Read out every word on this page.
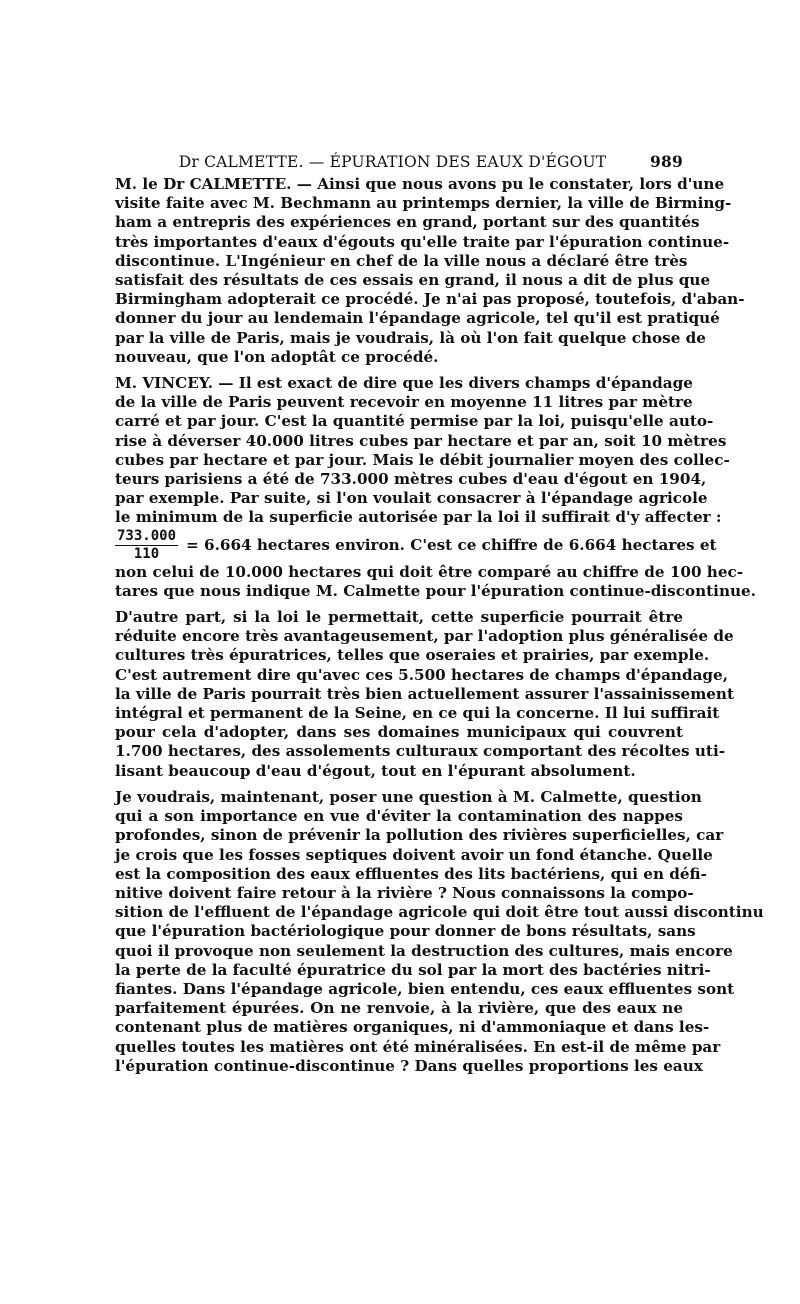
Dr CALMETTE. — ÉPURATION DES EAUX D'ÉGOUT	989
M. le Dr CALMETTE. — Ainsi que nous avons pu le constater, lors d'une
visite faite avec M. Bechmann au printemps dernier, la ville de Birming-
ham a entrepris des expériences en grand, portant sur des quantités
très importantes d'eaux d'égouts qu'elle traite par l'épuration continue-
discontinue. L'Ingénieur en chef de la ville nous a déclaré être très
satisfait des résultats de ces essais en grand, il nous a dit de plus que
Birmingham adopterait ce procédé. Je n'ai pas proposé, toutefois, d'aban-
donner du jour au lendemain l'épandage agricole, tel qu'il est pratiqué
par la ville de Paris, mais je voudrais, là où l'on fait quelque chose de
nouveau, que l'on adoptât ce procédé.
M. VINCEY. — Il est exact de dire que les divers champs d'épandage
de la ville de Paris peuvent recevoir en moyenne 11 litres par mètre
carré et par jour. C'est la quantité permise par la loi, puisqu'elle auto-
rise à déverser 40.000 litres cubes par hectare et par an, soit 10 mètres
cubes par hectare et par jour. Mais le débit journalier moyen des collec-
teurs parisiens a été de 733.000 mètres cubes d'eau d'égout en 1904,
par exemple. Par suite, si l'on voulait consacrer à l'épandage agricole
le minimum de la superficie autorisée par la loi il suffirait d'y affecter :
$\frac{733.000}{110} = 6.664$ hectares environ. C'est ce chiffre de 6.664 hectares et
non celui de 10.000 hectares qui doit être comparé au chiffre de 100 hec-
tares que nous indique M. Calmette pour l'épuration continue-discontinue.
D'autre part, si la loi le permettait, cette superficie pourrait être
réduite encore très avantageusement, par l'adoption plus généralisée de
cultures très épuratrices, telles que oseraies et prairies, par exemple.
C'est autrement dire qu'avec ces 5.500 hectares de champs d'épandage,
la ville de Paris pourrait très bien actuellement assurer l'assainissement
intégral et permanent de la Seine, en ce qui la concerne. Il lui suffirait
pour cela d'adopter, dans ses domaines municipaux qui couvrent
1.700 hectares, des assolements culturaux comportant des récoltes uti-
lisant beaucoup d'eau d'égout, tout en l'épurant absolument.
Je voudrais, maintenant, poser une question à M. Calmette, question
qui a son importance en vue d'éviter la contamination des nappes
profondes, sinon de prévenir la pollution des rivières superficielles, car
je crois que les fosses septiques doivent avoir un fond étanche. Quelle
est la composition des eaux effluentes des lits bactériens, qui en défi-
nitive doivent faire retour à la rivière ? Nous connaissons la compo-
sition de l'effluent de l'épandage agricole qui doit être tout aussi discontinu
que l'épuration bactériologique pour donner de bons résultats, sans
quoi il provoque non seulement la destruction des cultures, mais encore
la perte de la faculté épuratrice du sol par la mort des bactéries nitri-
fiantes. Dans l'épandage agricole, bien entendu, ces eaux effluentes sont
parfaitement épurées. On ne renvoie, à la rivière, que des eaux ne
contenant plus de matières organiques, ni d'ammoniaque et dans les-
quelles toutes les matières ont été minéralisées. En est-il de même par
l'épuration continue-discontinue ? Dans quelles proportions les eaux
